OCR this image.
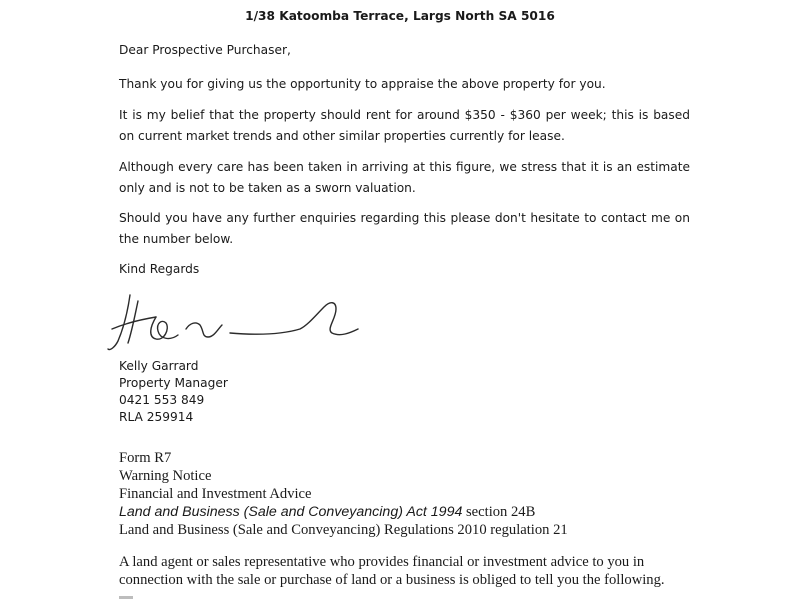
1/38 Katoomba Terrace, Largs North SA 5016

Dear Prospective Purchaser,

Thank you for giving us the opportunity to appraise the above property for you.

It is my belief that the property should rent for around $350 - $360 per week; this is based on current market trends and other similar properties currently for lease.

Although every care has been taken in arriving at this figure, we stress that it is an estimate only and is not to be taken as a sworn valuation.

Should you have any further enquiries regarding this please don't hesitate to contact me on the number below.

Kind Regards

Kelly Garrard
Property Manager
0421 553 849
RLA 259914
Form R7
Warning Notice
Financial and Investment Advice
Land and Business (Sale and Conveyancing) Act 1994 section 24B
Land and Business (Sale and Conveyancing) Regulations 2010 regulation 21
A land agent or sales representative who provides financial or investment advice to you in
connection with the sale or purchase of land or a business is obliged to tell you the following.
